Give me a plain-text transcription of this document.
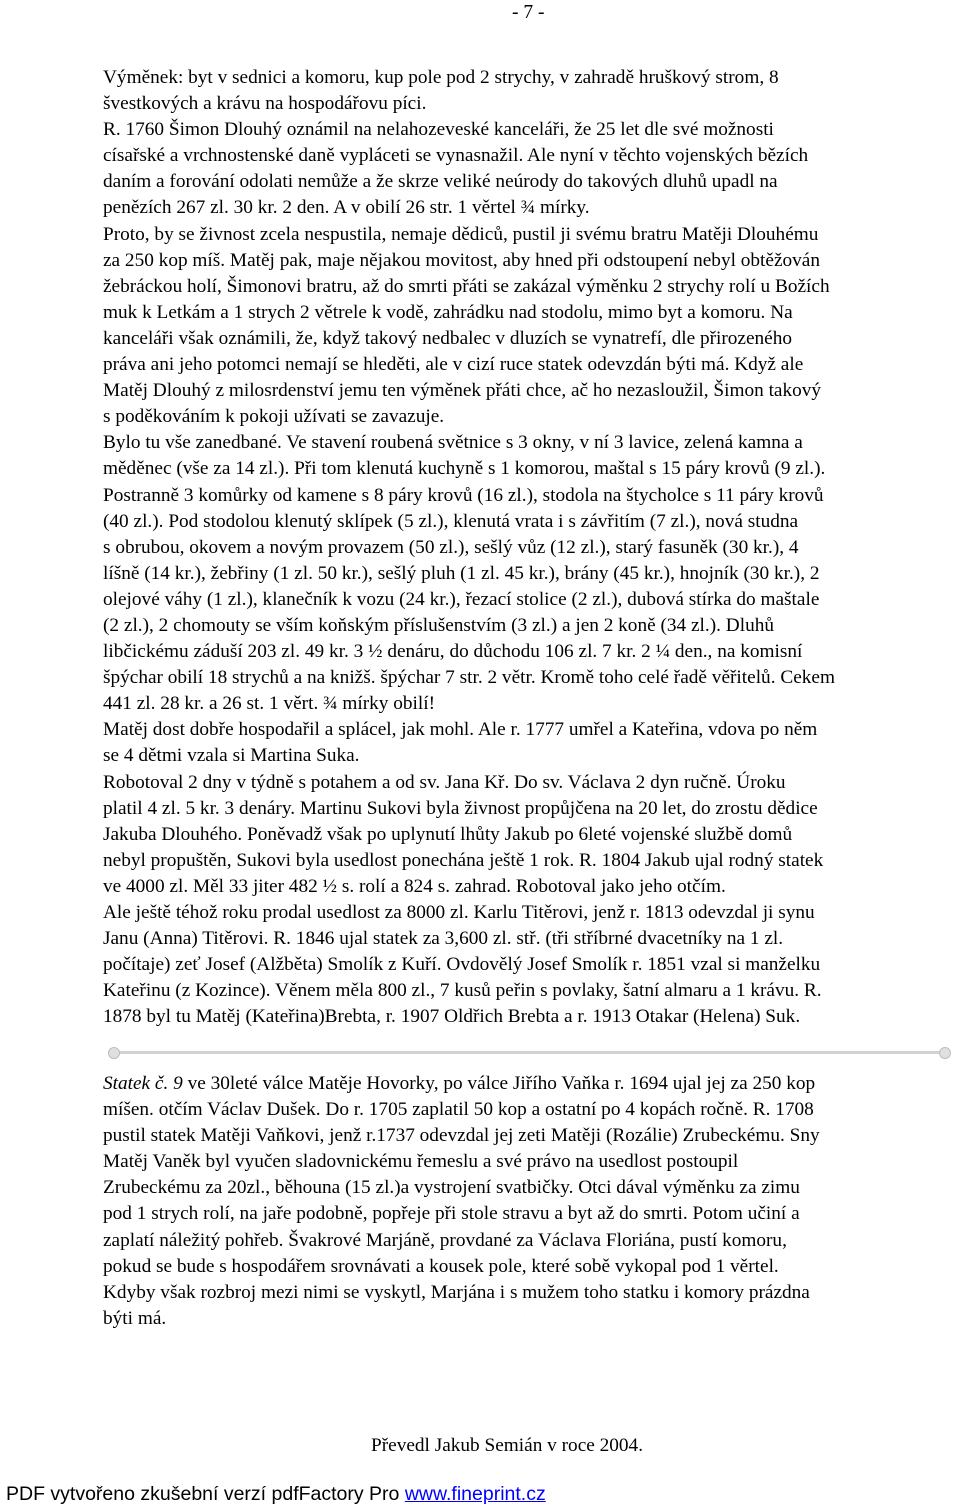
- 7 -
Výměnek: byt v sednici a komoru, kup pole pod 2 strychy, v zahradě hruškový strom, 8
švestkových a krávu na hospodářovu píci.
R. 1760 Šimon Dlouhý oznámil na nelahozeveské kanceláři, že 25 let dle své možnosti
císařské a vrchnostenské daně vypláceti se vynasnažil. Ale nyní v těchto vojenských bězích
daním a forování odolati nemůže a že skrze veliké neúrody do takových dluhů upadl na
penězích 267 zl. 30 kr. 2 den. A v obilí 26 str. 1 věrtel ¾ mírky.
Proto, by se živnost zcela nespustila, nemaje dědiců, pustil ji svému bratru Matěji Dlouhému
za 250 kop míš. Matěj pak, maje nějakou movitost, aby hned při odstoupení nebyl obtěžován
žebráckou holí, Šimonovi bratru, až do smrti přáti se zakázal výměnku 2 strychy rolí u Božích
muk k Letkám a 1 strych 2 větrele k vodě, zahrádku nad stodolu, mimo byt a komoru. Na
kanceláři však oznámili, že, když takový nedbalec v dluzích se vynatrefí, dle přirozeného
práva ani jeho potomci nemají se hleděti, ale v cizí ruce statek odevzdán býti má. Když ale
Matěj Dlouhý z milosrdenství jemu ten výměnek přáti chce, ač ho nezasloužil, Šimon takový
s poděkováním k pokoji užívati se zavazuje.
Bylo tu vše zanedbané. Ve stavení roubená světnice s 3 okny, v ní 3 lavice, zelená kamna a
měděnec (vše za 14 zl.). Při tom klenutá kuchyně s 1 komorou, maštal s 15 páry krovů (9 zl.).
Postranně 3 komůrky od kamene s 8 páry krovů (16 zl.), stodola na štycholce s 11 páry krovů
(40 zl.). Pod stodolou klenutý sklípek (5 zl.), klenutá vrata i s závřitím (7 zl.), nová studna
s obrubou, okovem a novým provazem (50 zl.), sešlý vůz (12 zl.), starý fasuněk (30 kr.), 4
líšně (14 kr.), žebřiny (1 zl. 50 kr.), sešlý pluh (1 zl. 45 kr.), brány (45 kr.), hnojník (30 kr.), 2
olejové váhy (1 zl.), klanečník k vozu (24 kr.), řezací stolice (2 zl.), dubová stírka do maštale
(2 zl.), 2 chomouty se vším koňským příslušenstvím (3 zl.) a jen 2 koně (34 zl.). Dluhů
libčickému záduší 203 zl. 49 kr. 3 ½ denáru, do důchodu 106 zl. 7 kr. 2 ¼ den., na komisní
špýchar obilí 18 strychů a na knižš. špýchar 7 str. 2 větr. Kromě toho celé řadě věřitelů. Cekem
441 zl. 28 kr. a 26 st. 1 věrt. ¾ mírky obilí!
Matěj dost dobře hospodařil a splácel, jak mohl. Ale r. 1777 umřel a Kateřina, vdova po něm
se 4 dětmi vzala si Martina Suka.
Robotoval 2 dny v týdně s potahem a od sv. Jana Kř. Do sv. Václava 2 dyn ručně. Úroku
platil 4 zl. 5 kr. 3 denáry. Martinu Sukovi byla živnost propůjčena na 20 let, do zrostu dědice
Jakuba Dlouhého. Poněvadž však po uplynutí lhůty Jakub po 6leté vojenské službě domů
nebyl propuštěn, Sukovi byla usedlost ponechána ještě 1 rok. R. 1804 Jakub ujal rodný statek
ve 4000 zl. Měl 33 jiter 482 ½ s. rolí a 824 s. zahrad. Robotoval jako jeho otčím.
Ale ještě téhož roku prodal usedlost za 8000 zl. Karlu Titěrovi, jenž r. 1813 odevzdal ji synu
Janu (Anna) Titěrovi. R. 1846 ujal statek za 3,600 zl. stř. (tři stříbrné dvacetníky na 1 zl.
počítaje) zeť Josef (Alžběta) Smolík z Kuří. Ovdovělý Josef Smolík r. 1851 vzal si manželku
Kateřinu (z Kozince). Věnem měla 800 zl., 7 kusů peřin s povlaky, šatní almaru a 1 krávu. R.
1878 byl tu Matěj (Kateřina)Brebta, r. 1907 Oldřich Brebta a r. 1913 Otakar (Helena) Suk.
Statek č. 9 ve 30leté válce Matěje Hovorky, po válce Jiřího Vaňka r. 1694 ujal jej za 250 kop
míšen. otčím Václav Dušek. Do r. 1705 zaplatil 50 kop a ostatní po 4 kopách ročně. R. 1708
pustil statek Matěji Vaňkovi, jenž r.1737 odevzdal jej zeti Matěji (Rozálie) Zrubeckému. Sny
Matěj Vaněk byl vyučen sladovnickému řemeslu a své právo na usedlost postoupil
Zrubeckému za 20zl., běhouna (15 zl.)a vystrojení svatbičky. Otci dával výměnku za zimu
pod 1 strych rolí, na jaře podobně, popřeje při stole stravu a byt až do smrti. Potom učiní a
zaplatí náležitý pohřeb. Švakrové Marjáně, provdané za Václava Floriána, pustí komoru,
pokud se bude s hospodářem srovnávati a kousek pole, které sobě vykopal pod 1 věrtel.
Kdyby však rozbroj mezi nimi se vyskytl, Marjána i s mužem toho statku i komory prázdna
býti má.
Převedl Jakub Semián v roce 2004.
PDF vytvořeno zkušební verzí pdfFactory Pro www.fineprint.cz
